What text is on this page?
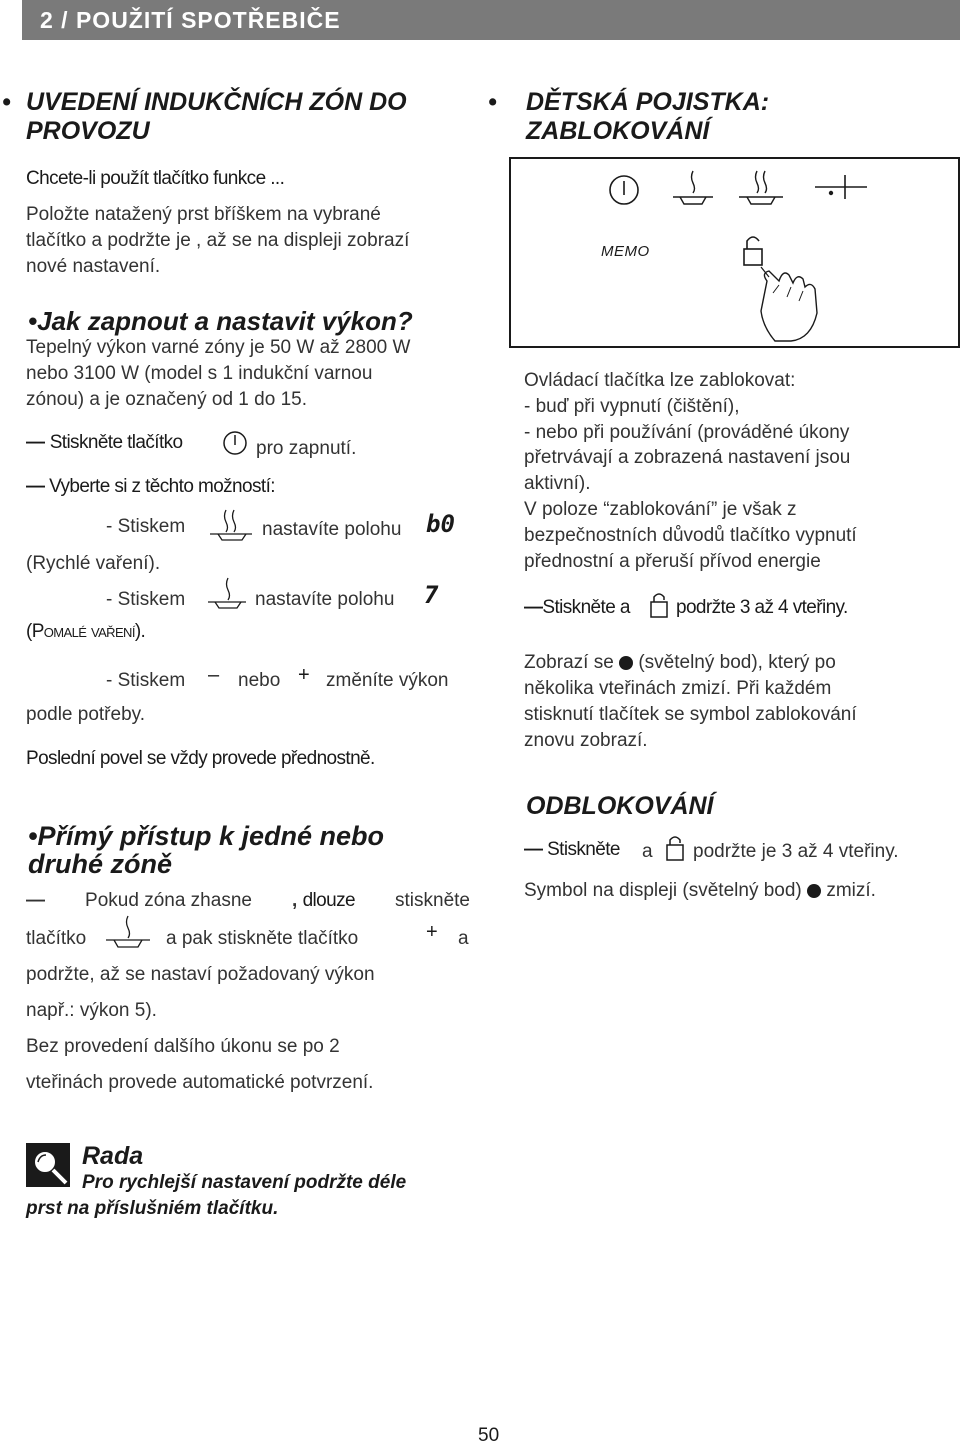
2 / POUŽITÍ SPOTŘEBIČE
• UVEDENÍ INDUKČNÍCH ZÓN DO
PROVOZU
Chcete-li použít tlačítko funkce ...
Položte natažený prst bříškem na vybrané
tlačítko a podržte je , až se na displeji zobrazí
nové nastavení.
•Jak zapnout a nastavit výkon?
Tepelný výkon varné zóny je 50 W až 2800 W
nebo 3100 W (model s 1 indukční varnou
zónou) a je označený od 1 do 15.
— Stiskněte tlačítko	pro zapnutí.
— Vyberte si z těchto možností:
- Stiskem	nastavíte polohu b0
(Rychlé vaření).
- Stiskem	nastavíte polohu 7
(Pomalé vaření).
- Stiskem – nebo + změníte výkon
podle potřeby.
Poslední povel se vždy provede přednostně.
•Přímý přístup k jedné nebo
druhé zóně
— Pokud zóna zhasne , dlouze stiskněte
tlačítko	a pak stiskněte tlačítko	+ a
podržte, až se nastaví požadovaný výkon
např.: výkon 5).
Bez provedení dalšího úkonu se po 2
vteřinách provede automatické potvrzení.
• DĚTSKÁ POJISTKA:
ZABLOKOVÁNÍ
MEMO
Ovládací tlačítka lze zablokovat:
- buď při vypnutí (čištění),
- nebo při používání (prováděné úkony
přetrvávají a zobrazená nastavení jsou
aktivní).
V poloze “zablokování” je však z
bezpečnostních důvodů tlačítko vypnutí
přednostní a přeruší přívod energie
—Stiskněte a podržte 3 až 4 vteřiny.
Zobrazí se (světelný bod), který po
několika vteřinách zmizí. Při každém
stisknutí tlačítek se symbol zablokování
znovu zobrazí.
ODBLOKOVÁNÍ
— Stiskněte a podržte je 3 až 4 vteřiny.
Symbol na displeji (světelný bod) zmizí.
Rada
Pro rychlejší nastavení podržte déle
prst na příslušniém tlačítku.
50
